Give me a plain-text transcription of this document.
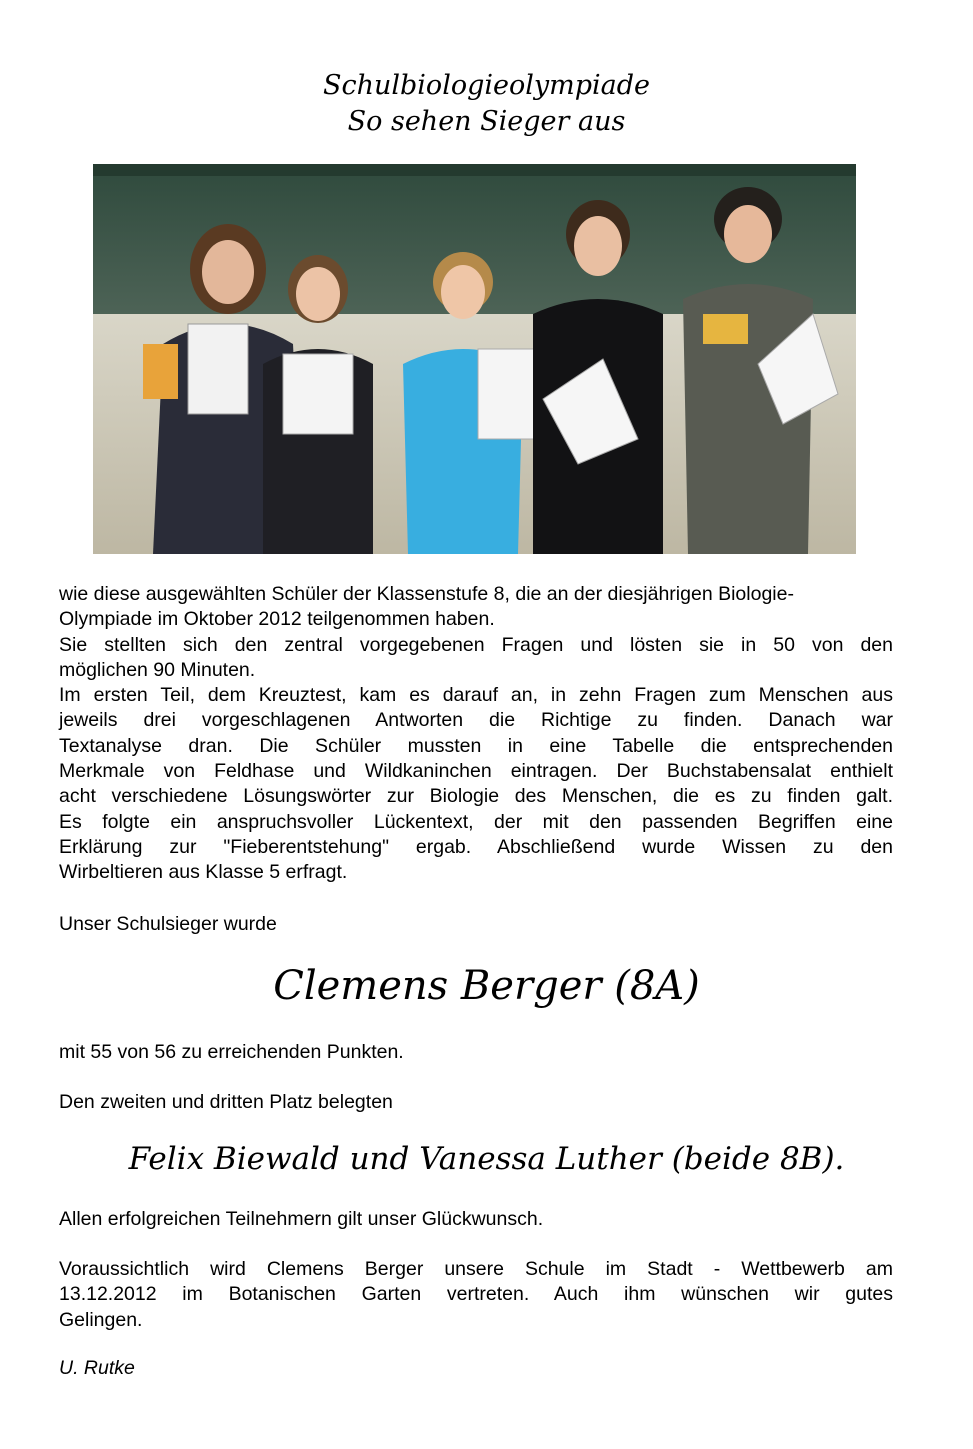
Schulbiologieolympiade
So sehen Sieger aus
wie diese ausgewählten Schüler der Klassenstufe 8, die an der diesjährigen Biologie-
Olympiade im Oktober 2012 teilgenommen haben.
Sie stellten sich den zentral vorgegebenen Fragen und lösten sie in 50 von den
möglichen 90 Minuten.
Im ersten Teil, dem Kreuztest, kam es darauf an, in zehn Fragen zum Menschen aus
jeweils drei vorgeschlagenen Antworten die Richtige zu finden. Danach war
Textanalyse dran. Die Schüler mussten in eine Tabelle die entsprechenden
Merkmale von Feldhase und Wildkaninchen eintragen. Der Buchstabensalat enthielt
acht verschiedene Lösungswörter zur Biologie des Menschen, die es zu finden galt.
Es folgte ein anspruchsvoller Lückentext, der mit den passenden Begriffen eine
Erklärung zur "Fieberentstehung" ergab. Abschließend wurde Wissen zu den
Wirbeltieren aus Klasse 5 erfragt.
Unser Schulsieger wurde
Clemens Berger (8A)
mit 55 von 56 zu erreichenden Punkten.
Den zweiten und dritten Platz belegten
Felix Biewald und Vanessa Luther (beide 8B).
Allen erfolgreichen Teilnehmern gilt unser Glückwunsch.
Voraussichtlich wird Clemens Berger unsere Schule im Stadt - Wettbewerb am
13.12.2012 im Botanischen Garten vertreten. Auch ihm wünschen wir gutes
Gelingen.
U. Rutke
